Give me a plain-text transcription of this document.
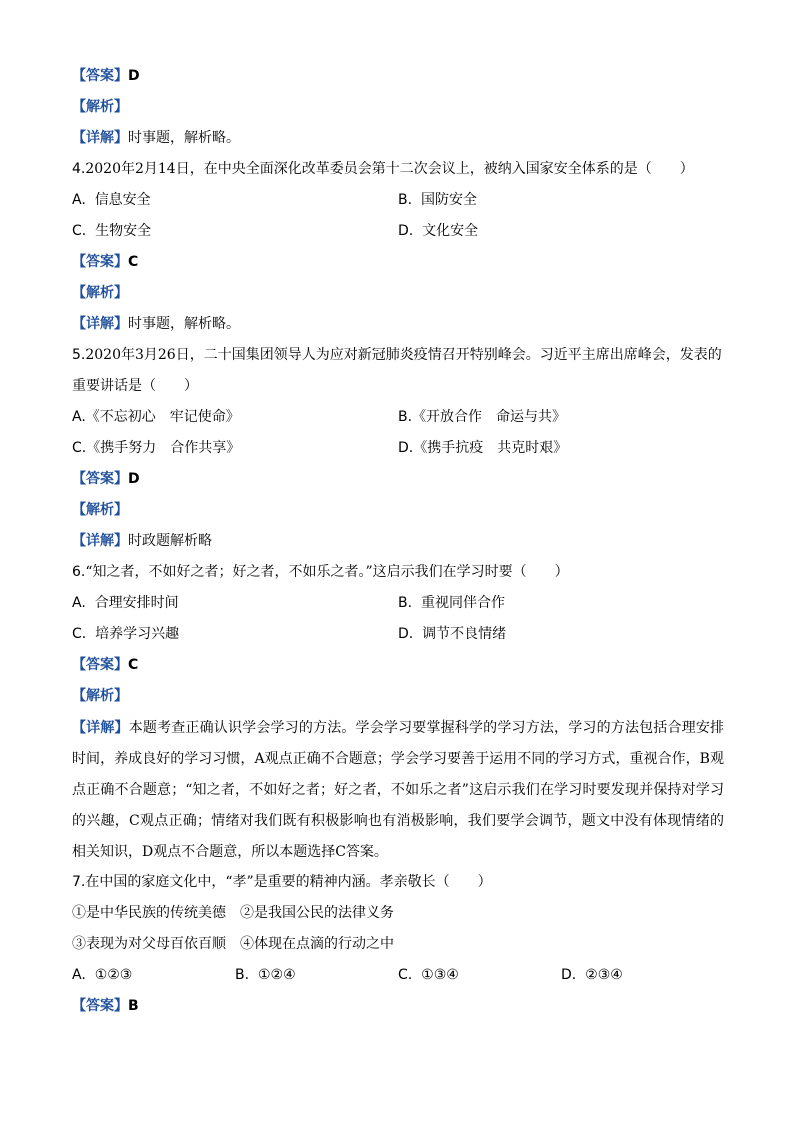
【答案】D
【解析】
【详解】时事题，解析略。
4.2020年2月14日，在中央全面深化改革委员会第十二次会议上，被纳入国家安全体系的是（　　）
A. 信息安全	B. 国防安全
C. 生物安全	D. 文化安全
【答案】C
【解析】
【详解】时事题，解析略。
5.2020年3月26日，二十国集团领导人为应对新冠肺炎疫情召开特别峰会。习近平主席出席峰会，发表的
重要讲话是（　　）
A.《不忘初心　牢记使命》	B.《开放合作　命运与共》
C.《携手努力　合作共享》	D.《携手抗疫　共克时艰》
【答案】D
【解析】
【详解】时政题解析略
6.“知之者，不如好之者；好之者，不如乐之者。”这启示我们在学习时要（　　）
A. 合理安排时间	B. 重视同伴合作
C. 培养学习兴趣	D. 调节不良情绪
【答案】C
【解析】

【详解】本题考查正确认识学会学习的方法。学会学习要掌握科学的学习方法，学习的方法包括合理安排时间，养成良好的学习习惯，A观点正确不合题意；学会学习要善于运用不同的学习方式，重视合作，B观点正确不合题意；“知之者，不如好之者；好之者，不如乐之者”这启示我们在学习时要发现并保持对学习的兴趣，C观点正确；情绪对我们既有积极影响也有消极影响，我们要学会调节，题文中没有体现情绪的相关知识，D观点不合题意，所以本题选择C答案。

7.在中国的家庭文化中，“孝”是重要的精神内涵。孝亲敬长（　　）
①是中华民族的传统美德　②是我国公民的法律义务
③表现为对父母百依百顺　④体现在点滴的行动之中
A. ①②③	B. ①②④	C. ①③④	D. ②③④
【答案】B
